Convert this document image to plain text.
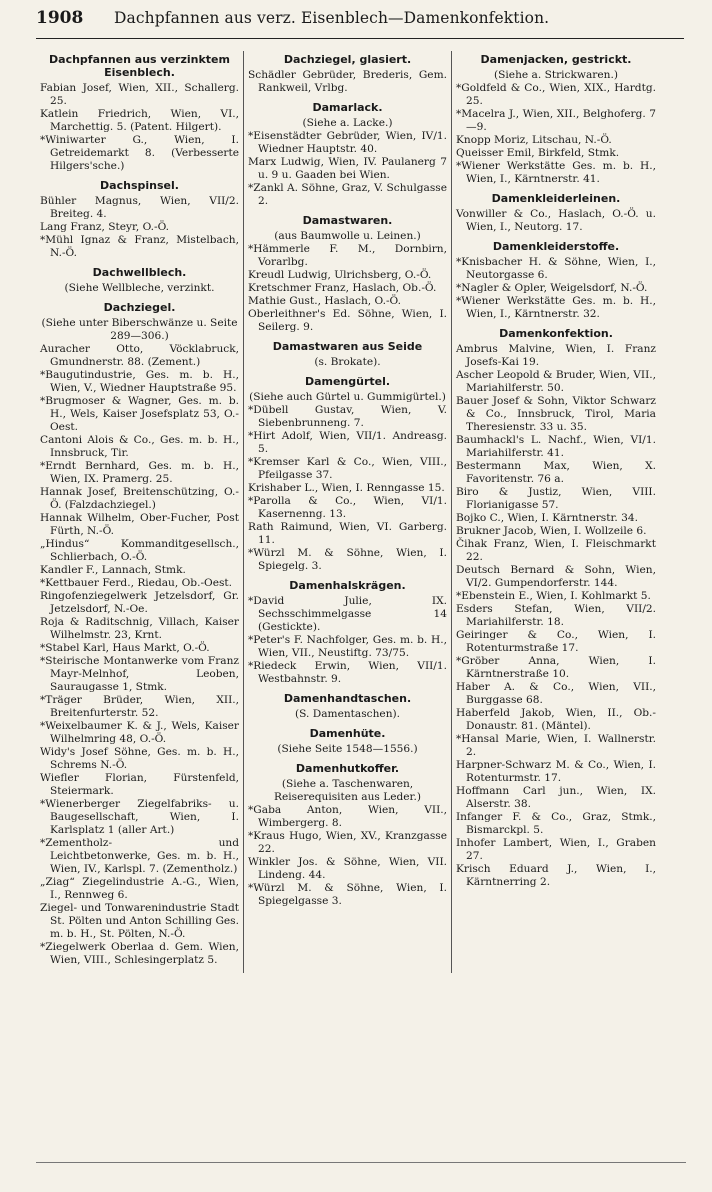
1908	Dachpfannen aus verz. Eisenblech—Damenkonfektion.
Dachpfannen aus verzinktem Eisenblech.

Fabian Josef, Wien, XII., Schallerg. 25.

Katlein Friedrich, Wien, VI., Marchettig. 5. (Patent. Hilgert).

*Winiwarter G., Wien, I. Getreidemarkt 8. (Verbesserte Hilgers'sche.)

Dachspinsel.

Bühler Magnus, Wien, VII/2. Breiteg. 4.

Lang Franz, Steyr, O.-Ö.

*Mühl Ignaz & Franz, Mistelbach, N.-Ö.

Dachwellblech.

(Siehe Wellbleche, verzinkt.

Dachziegel.

(Siehe unter Biberschwänze u. Seite 289—306.)

Auracher Otto, Vöcklabruck, Gmundnerstr. 88. (Zement.)

*Baugutindustrie, Ges. m. b. H., Wien, V., Wiedner Hauptstraße 95.

*Brugmoser & Wagner, Ges. m. b. H., Wels, Kaiser Josefsplatz 53, O.-Oest.

Cantoni Alois & Co., Ges. m. b. H., Innsbruck, Tir.

*Erndt Bernhard, Ges. m. b. H., Wien, IX. Pramerg. 25.

Hannak Josef, Breitenschützing, O.-Ö. (Falzdachziegel.)

Hannak Wilhelm, Ober-Fucher, Post Fürth, N.-Ö.

„Hindus“ Kommanditgesellsch., Schlierbach, O.-Ö.

Kandler F., Lannach, Stmk.

*Kettbauer Ferd., Riedau, Ob.-Oest.

Ringofenziegelwerk Jetzelsdorf, Gr. Jetzelsdorf, N.-Oe.

Roja & Raditschnig, Villach, Kaiser Wilhelmstr. 23, Krnt.

*Stabel Karl, Haus Markt, O.-Ö.

*Steirische Montanwerke vom Franz Mayr-Melnhof, Leoben, Sauraugasse 1, Stmk.

*Träger Brüder, Wien, XII., Breitenfurterstr. 52.

*Weixelbaumer K. & J., Wels, Kaiser Wilhelmring 48, O.-Ö.

Widy's Josef Söhne, Ges. m. b. H., Schrems N.-Ö.

Wiefler Florian, Fürstenfeld, Steiermark.

*Wienerberger Ziegelfabriks- u. Baugesellschaft, Wien, I. Karlsplatz 1 (aller Art.)

*Zementholz- und Leichtbetonwerke, Ges. m. b. H., Wien, IV., Karlspl. 7. (Zementholz.)

„Ziag“ Ziegelindustrie A.-G., Wien, I., Rennweg 6.

Ziegel- und Tonwarenindustrie Stadt St. Pölten und Anton Schilling Ges. m. b. H., St. Pölten, N.-Ö.

*Ziegelwerk Oberlaa d. Gem. Wien, Wien, VIII., Schlesingerplatz 5.

Dachziegel, glasiert.

Schädler Gebrüder, Brederis, Gem. Rankweil, Vrlbg.

Damarlack.

(Siehe a. Lacke.)

*Eisenstädter Gebrüder, Wien, IV/1. Wiedner Hauptstr. 40.

Marx Ludwig, Wien, IV. Paulanerg 7 u. 9 u. Gaaden bei Wien.

*Zankl A. Söhne, Graz, V. Schulgasse 2.

Damastwaren.

(aus Baumwolle u. Leinen.)

*Hämmerle F. M., Dornbirn, Vorarlbg.

Kreudl Ludwig, Ulrichsberg, O.-Ö.

Kretschmer Franz, Haslach, Ob.-Ö.

Mathie Gust., Haslach, O.-Ö.

Oberleithner's Ed. Söhne, Wien, I. Seilerg. 9.

Damastwaren aus Seide

(s. Brokate).

Damengürtel.

(Siehe auch Gürtel u. Gummigürtel.)

*Dübell Gustav, Wien, V. Siebenbrunneng. 7.

*Hirt Adolf, Wien, VII/1. Andreasg. 5.

*Kremser Karl & Co., Wien, VIII., Pfeilgasse 37.

Krishaber L., Wien, I. Renngasse 15.

*Parolla & Co., Wien, VI/1. Kasernenng. 13.

Rath Raimund, Wien, VI. Garberg. 11.

*Würzl M. & Söhne, Wien, I. Spiegelg. 3.

Damenhalskrägen.

*David Julie, IX. Sechsschimmelgasse 14 (Gestickte).

*Peter's F. Nachfolger, Ges. m. b. H., Wien, VII., Neustiftg. 73/75.

*Riedeck Erwin, Wien, VII/1. Westbahnstr. 9.

Damenhandtaschen.

(S. Damentaschen).

Damenhüte.

(Siehe Seite 1548—1556.)

Damenhutkoffer.

(Siehe a. Taschenwaren, Reiserequisiten aus Leder.)

*Gaba Anton, Wien, VII., Wimbergerg. 8.

*Kraus Hugo, Wien, XV., Kranzgasse 22.

Winkler Jos. & Söhne, Wien, VII. Lindeng. 44.

*Würzl M. & Söhne, Wien, I. Spiegelgasse 3.

Damenjacken, gestrickt.

(Siehe a. Strickwaren.)

*Goldfeld & Co., Wien, XIX., Hardtg. 25.

*Macelra J., Wien, XII., Belghoferg. 7—9.

Knopp Moriz, Litschau, N.-Ö.

Queisser Emil, Birkfeld, Stmk.

*Wiener Werkstätte Ges. m. b. H., Wien, I., Kärntnerstr. 41.

Damenkleiderleinen.

Vonwiller & Co., Haslach, O.-Ö. u. Wien, I., Neutorg. 17.

Damenkleiderstoffe.

*Knisbacher H. & Söhne, Wien, I., Neutorgasse 6.

*Nagler & Opler, Weigelsdorf, N.-Ö.

*Wiener Werkstätte Ges. m. b. H., Wien, I., Kärntnerstr. 32.

Damenkonfektion.

Ambrus Malvine, Wien, I. Franz Josefs-Kai 19.

Ascher Leopold & Bruder, Wien, VII., Mariahilferstr. 50.

Bauer Josef & Sohn, Viktor Schwarz & Co., Innsbruck, Tirol, Maria Theresienstr. 33 u. 35.

Baumhackl's L. Nachf., Wien, VI/1. Mariahilferstr. 41.

Bestermann Max, Wien, X. Favoritenstr. 76 a.

Biro & Justiz, Wien, VIII. Florianigasse 57.

Bojko C., Wien, I. Kärntnerstr. 34.

Brukner Jacob, Wien, I. Wollzeile 6.

Čihak Franz, Wien, I. Fleischmarkt 22.

Deutsch Bernard & Sohn, Wien, VI/2. Gumpendorferstr. 144.

*Ebenstein E., Wien, I. Kohlmarkt 5.

Esders Stefan, Wien, VII/2. Mariahilferstr. 18.

Geiringer & Co., Wien, I. Rotenturmstraße 17.

*Gröber Anna, Wien, I. Kärntnerstraße 10.

Haber A. & Co., Wien, VII., Burggasse 68.

Haberfeld Jakob, Wien, II., Ob.-Donaustr. 81. (Mäntel).

*Hansal Marie, Wien, I. Wallnerstr. 2.

Harpner-Schwarz M. & Co., Wien, I. Rotenturmstr. 17.

Hoffmann Carl jun., Wien, IX. Alserstr. 38.

Infanger F. & Co., Graz, Stmk., Bismarckpl. 5.

Inhofer Lambert, Wien, I., Graben 27.

Krisch Eduard J., Wien, I., Kärntnerring 2.
